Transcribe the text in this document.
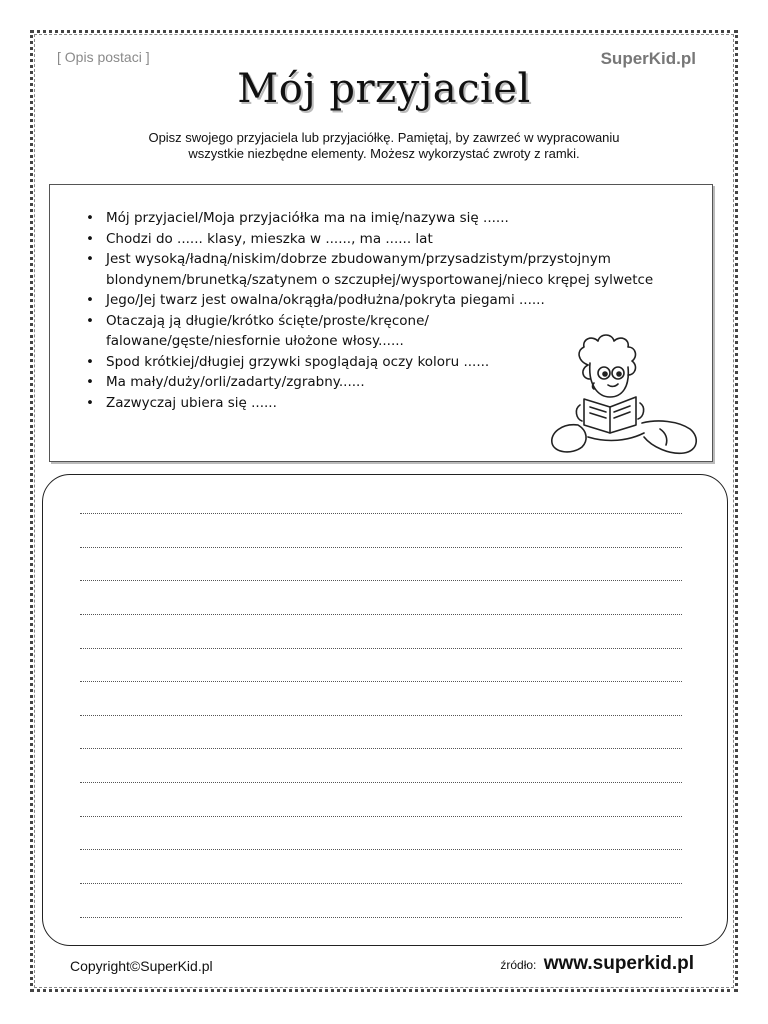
[ Opis postaci ]	SuperKid.pl
Mój przyjaciel
Opisz swojego przyjaciela lub przyjaciółkę. Pamiętaj, by zawrzeć w wypracowaniu
wszystkie niezbędne elementy. Możesz wykorzystać zwroty z ramki.
• Mój przyjaciel/Moja przyjaciółka ma na imię/nazywa się ......
• Chodzi do ...... klasy, mieszka w ......, ma ...... lat
• Jest wysoką/ładną/niskim/dobrze zbudowanym/przysadzistym/przystojnym blondynem/brunetką/szatynem o szczupłej/wysportowanej/nieco krępej sylwetce
• Jego/Jej twarz jest owalna/okrągła/podłużna/pokryta piegami ......
• Otaczają ją długie/krótko ścięte/proste/kręcone/ falowane/gęste/niesfornie ułożone włosy......
• Spod krótkiej/długiej grzywki spoglądają oczy koloru ......
• Ma mały/duży/orli/zadarty/zgrabny......
• Zazwyczaj ubiera się ......
Copyright©SuperKid.pl	źródło: www.superkid.pl
